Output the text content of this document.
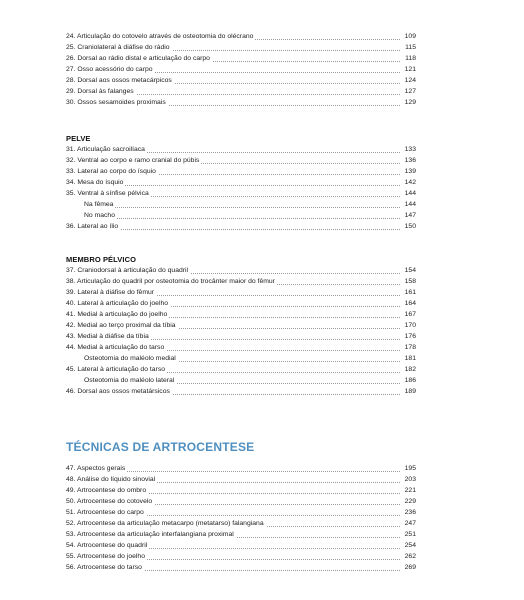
24. Articulação do cotovelo através de osteotomia do olécrano	109
25. Craniolateral à diáfise do rádio	115
26. Dorsal ao rádio distal e articulação do carpo	118
27. Osso acessório do carpo	121
28. Dorsal aos ossos metacárpicos	124
29. Dorsal às falanges	127
30. Ossos sesamoides proximais	129
PELVE
31. Articulação sacroilíaca	133
32. Ventral ao corpo e ramo cranial do púbis	136
33. Lateral ao corpo do ísquio	139
34. Mesa do ísquio	142
35. Ventral à sínfise pélvica	144
Na fêmea	144
No macho	147
36. Lateral ao ílio	150
MEMBRO PÉLVICO
37. Craniodorsal à articulação do quadril	154
38. Articulação do quadril por osteotomia do trocânter maior do fêmur	158
39. Lateral à diáfise do fêmur	161
40. Lateral à articulação do joelho	164
41. Medial à articulação do joelho	167
42. Medial ao terço proximal da tíbia	170
43. Medial à diáfise da tíbia	176
44. Medial à articulação do tarso	178
Osteotomia do maléolo medial	181
45. Lateral à articulação do tarso	182
Osteotomia do maléolo lateral	186
46. Dorsal aos ossos metatársicos	189
TÉCNICAS DE ARTROCENTESE
47. Aspectos gerais	195
48. Análise do líquido sinovial	203
49. Artrocentese do ombro	221
50. Artrocentese do cotovelo	229
51. Artrocentese do carpo	236
52. Artrocentese da articulação metacarpo (metatarso) falangiana	247
53. Artrocentese da articulação interfalangiana proximal	251
54. Artrocentese do quadril	254
55. Artrocentese do joelho	262
56. Artrocentese do tarso	269
